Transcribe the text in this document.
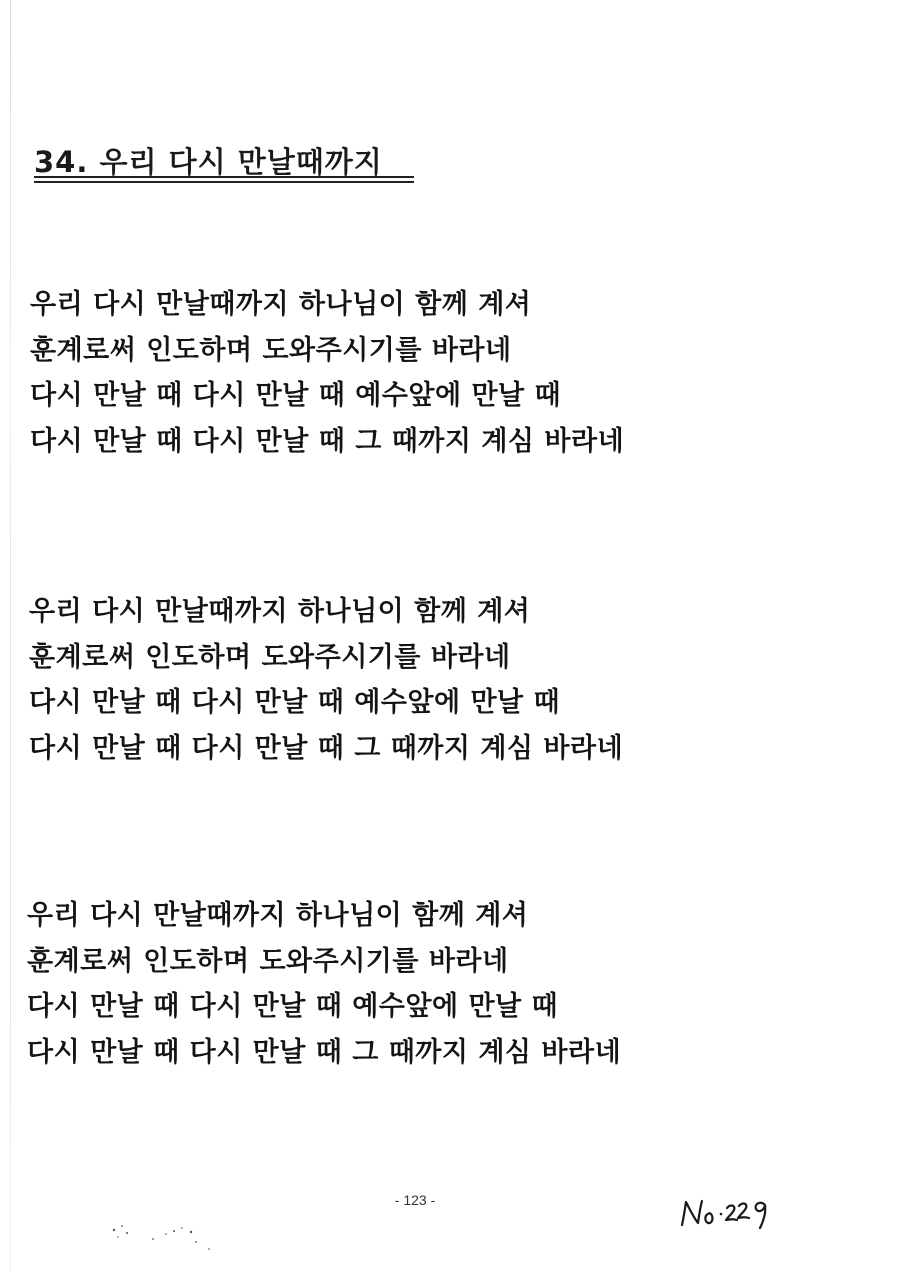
34. 우리 다시 만날때까지
우리 다시 만날때까지 하나님이 함께 계셔
훈계로써 인도하며 도와주시기를 바라네
다시 만날 때 다시 만날 때 예수앞에 만날 때
다시 만날 때 다시 만날 때 그 때까지 계심 바라네
우리 다시 만날때까지 하나님이 함께 계셔
훈계로써 인도하며 도와주시기를 바라네
다시 만날 때 다시 만날 때 예수앞에 만날 때
다시 만날 때 다시 만날 때 그 때까지 계심 바라네
우리 다시 만날때까지 하나님이 함께 계셔
훈계로써 인도하며 도와주시기를 바라네
다시 만날 때 다시 만날 때 예수앞에 만날 때
다시 만날 때 다시 만날 때 그 때까지 계심 바라네
- 123 -
